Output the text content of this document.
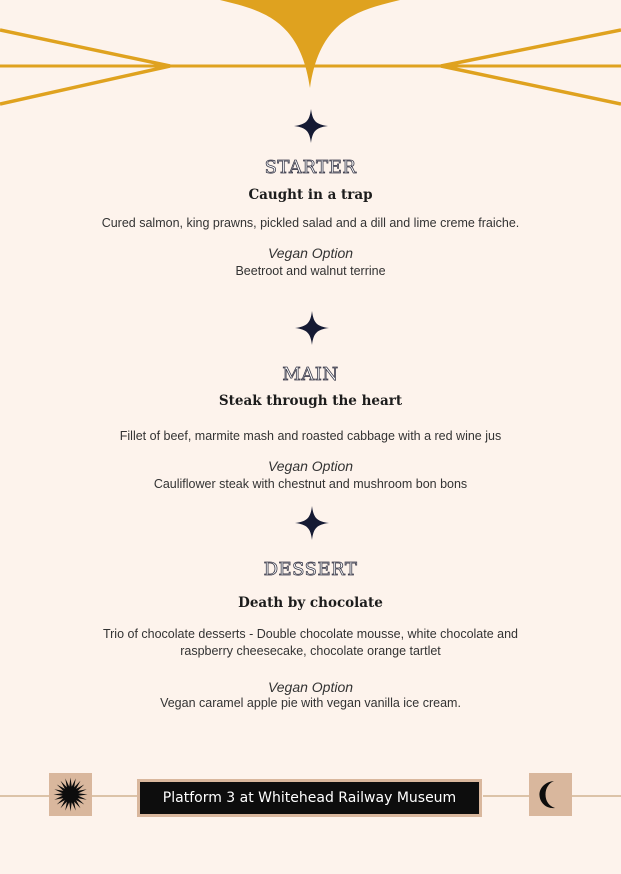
STARTER
Caught in a trap
Cured salmon, king prawns, pickled salad and a dill and lime creme fraiche.
Vegan Option
Beetroot and walnut terrine
MAIN
Steak through the heart
Fillet of beef, marmite mash and roasted cabbage with a red wine jus
Vegan Option
Cauliflower steak with chestnut and mushroom bon bons
DESSERT
Death by chocolate
Trio of chocolate desserts - Double chocolate mousse, white chocolate and raspberry cheesecake, chocolate orange tartlet
Vegan Option
Vegan caramel apple pie with vegan vanilla ice cream.
Platform 3 at Whitehead Railway Museum
